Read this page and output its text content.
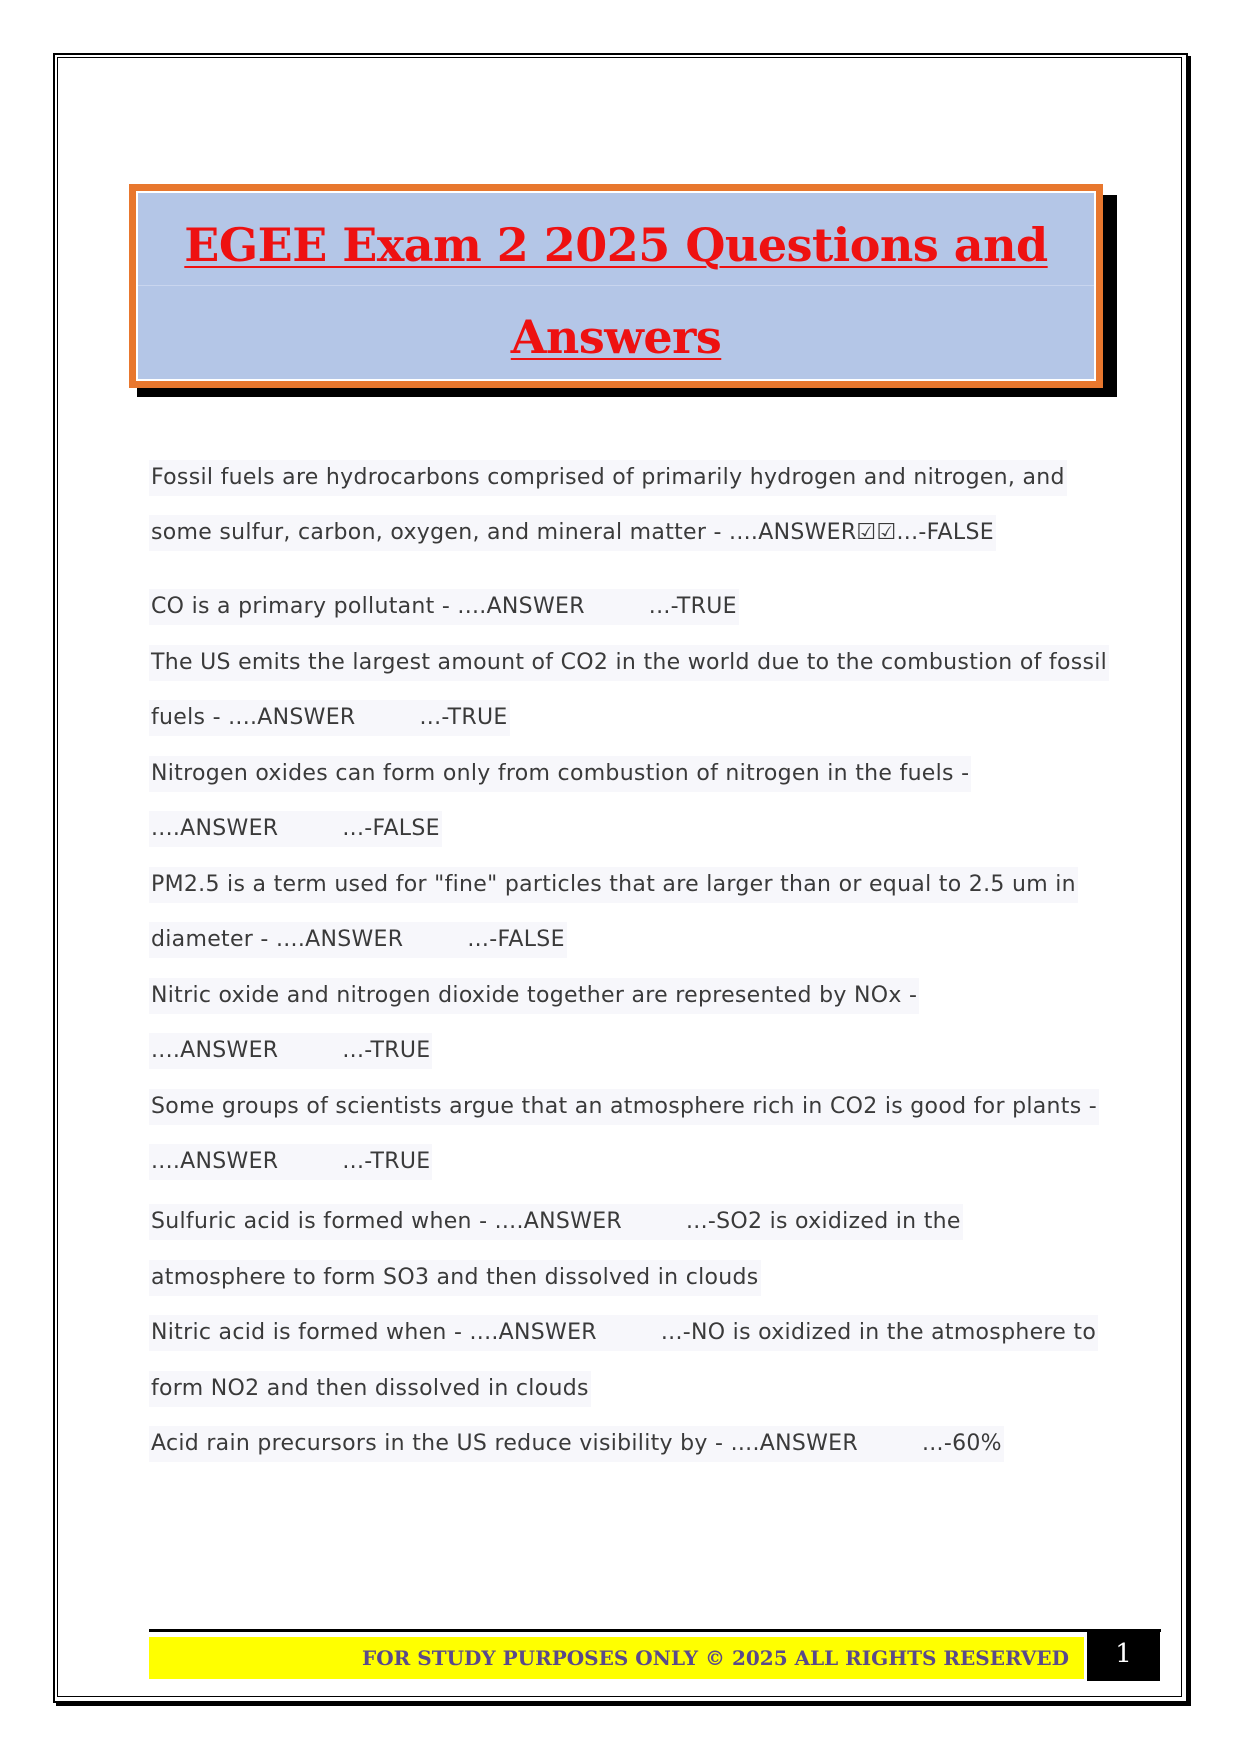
EGEE Exam 2 2025 Questions and
Answers
Fossil fuels are hydrocarbons comprised of primarily hydrogen and nitrogen, and
some sulfur, carbon, oxygen, and mineral matter - ....ANSWER☑☑...-FALSE
CO is a primary pollutant - ....ANSWER	...-TRUE
The US emits the largest amount of CO2 in the world due to the combustion of fossil
fuels - ....ANSWER	...-TRUE
Nitrogen oxides can form only from combustion of nitrogen in the fuels -
....ANSWER	...-FALSE
PM2.5 is a term used for "fine" particles that are larger than or equal to 2.5 um in
diameter - ....ANSWER	...-FALSE
Nitric oxide and nitrogen dioxide together are represented by NOx -
....ANSWER	...-TRUE
Some groups of scientists argue that an atmosphere rich in CO2 is good for plants -
....ANSWER	...-TRUE
Sulfuric acid is formed when - ....ANSWER	...-SO2 is oxidized in the
atmosphere to form SO3 and then dissolved in clouds
Nitric acid is formed when - ....ANSWER	...-NO is oxidized in the atmosphere to
form NO2 and then dissolved in clouds
Acid rain precursors in the US reduce visibility by - ....ANSWER	...-60%
FOR STUDY PURPOSES ONLY © 2025 ALL RIGHTS RESERVED	1
